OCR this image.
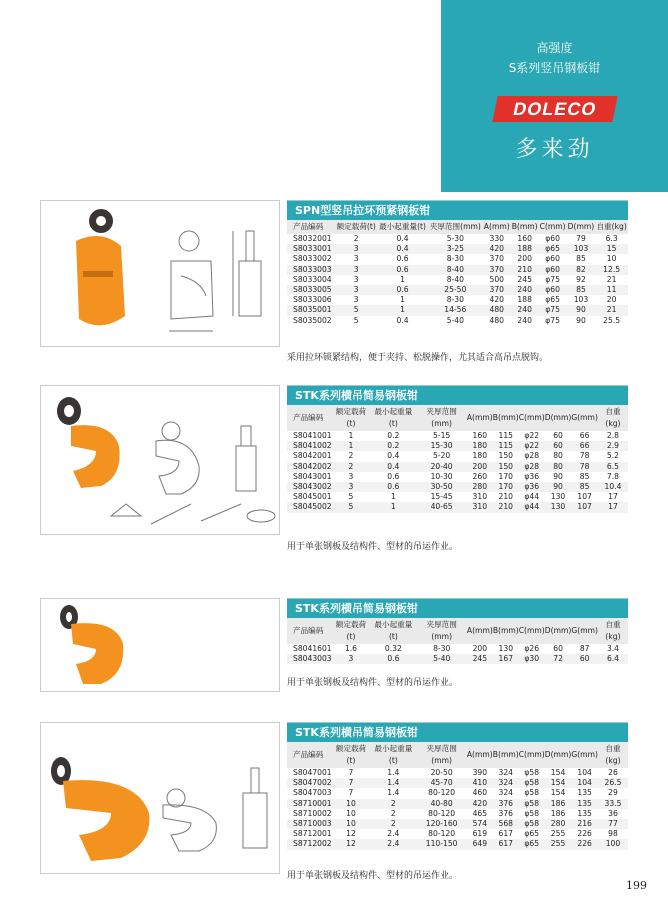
高强度
S系列竖吊钢板钳
DOLECO
多来劲
SPN型竖吊拉环预紧钢板钳
产品编码	额定载荷(t)	最小起重量(t)	夹厚范围(mm)	A(mm)	B(mm)	C(mm)	D(mm)	自重(kg)
S8032001	2	0.4	5-30	330	160	φ60	79	6.3
S8033001	3	0.4	3-25	420	188	φ65	103	15
S8033002	3	0.6	8-30	370	200	φ60	85	10
S8033003	3	0.6	8-40	370	210	φ60	82	12.5
S8033004	3	1	8-40	500	245	φ75	92	21
S8033005	3	0.6	25-50	370	240	φ60	85	11
S8033006	3	1	8-30	420	188	φ65	103	20
S8035001	5	1	14-56	480	240	φ75	90	21
S8035002	5	0.4	5-40	480	240	φ75	90	25.5
采用拉环锁紧结构，便于夹持、松脱操作，尤其适合高吊点脱钩。
STK系列横吊简易钢板钳
产品编码	额定载荷(t)	最小起重量(t)	夹厚范围(mm)	A(mm)	B(mm)	C(mm)	D(mm)	G(mm)	自重(kg)
S8041001	1	0.2	5-15	160	115	φ22	60	66	2.8
S8041002	1	0.2	15-30	180	115	φ22	60	66	2.9
S8042001	2	0.4	5-20	180	150	φ28	80	78	5.2
S8042002	2	0.4	20-40	200	150	φ28	80	78	6.5
S8043001	3	0.6	10-30	260	170	φ36	90	85	7.8
S8043002	3	0.6	30-50	280	170	φ36	90	85	10.4
S8045001	5	1	15-45	310	210	φ44	130	107	17
S8045002	5	1	40-65	310	210	φ44	130	107	17
用于单张钢板及结构件、型材的吊运作业。
STK系列横吊简易钢板钳
产品编码	额定载荷(t)	最小起重量(t)	夹厚范围(mm)	A(mm)	B(mm)	C(mm)	D(mm)	G(mm)	自重(kg)
S8041601	1.6	0.32	8-30	200	130	φ26	60	87	3.4
S8043003	3	0.6	5-40	245	167	φ30	72	60	6.4
用于单张钢板及结构件、型材的吊运作业。
STK系列横吊简易钢板钳
产品编码	额定载荷(t)	最小起重量(t)	夹厚范围(mm)	A(mm)	B(mm)	C(mm)	D(mm)	G(mm)	自重(kg)
S8047001	7	1.4	20-50	390	324	φ58	154	104	26
S8047002	7	1.4	45-70	410	324	φ58	154	104	26.5
S8047003	7	1.4	80-120	460	324	φ58	154	135	29
S8710001	10	2	40-80	420	376	φ58	186	135	33.5
S8710002	10	2	80-120	465	376	φ58	186	135	36
S8710003	10	2	120-160	574	568	φ58	280	216	77
S8712001	12	2.4	80-120	619	617	φ65	255	226	98
S8712002	12	2.4	110-150	649	617	φ65	255	226	100
用于单张钢板及结构件、型材的吊运作业。
199
